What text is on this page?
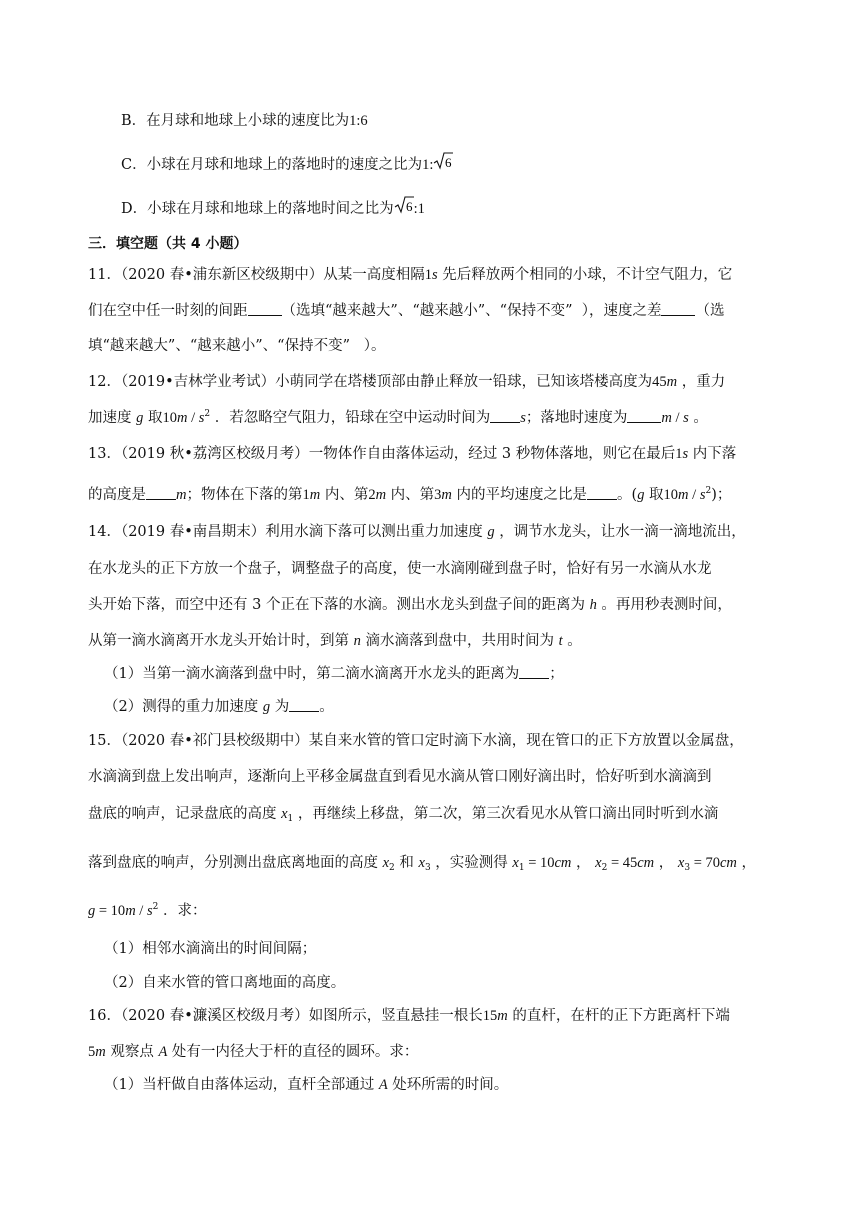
B．在月球和地球上小球的速度比为1:6
C．小球在月球和地球上的落地时的速度之比为1: 6
D．小球在月球和地球上的落地时间之比为 6 :1
三．填空题（共 4 小题）
11．（2020 春•浦东新区校级期中）从某一高度相隔1s 先后释放两个相同的小球，不计空气阻力，它
们在空中任一时刻的间距 （选填“越来越大”、“越来越小”、“保持不变”  ），速度之差 （选
填“越来越大”、“越来越小”、“保持不变”   ）。
12．（2019•吉林学业考试）小萌同学在塔楼顶部由静止释放一铅球，已知该塔楼高度为45m ，重力
加速度 g 取$10m / s^2$ ．若忽略空气阻力，铅球在空中运动时间为 s；落地时速度为 m / s 。
13．（2019 秋•荔湾区校级月考）一物体作自由落体运动，经过 3 秒物体落地，则它在最后1s 内下落
的高度是 m；物体在下落的第1m 内、第2m 内、第3m 内的平均速度之比是 。(g 取$10m / s^2$)；
14．（2019 春•南昌期末）利用水滴下落可以测出重力加速度 g ，调节水龙头，让水一滴一滴地流出，
在水龙头的正下方放一个盘子，调整盘子的高度，使一水滴刚碰到盘子时，恰好有另一水滴从水龙
头开始下落，而空中还有 3 个正在下落的水滴。测出水龙头到盘子间的距离为 h 。再用秒表测时间，
从第一滴水滴离开水龙头开始计时，到第 n 滴水滴落到盘中，共用时间为 t 。
（1）当第一滴水滴落到盘中时，第二滴水滴离开水龙头的距离为 ；
（2）测得的重力加速度 g 为 。
15．（2020 春•祁门县校级期中）某自来水管的管口定时滴下水滴，现在管口的正下方放置以金属盘，
水滴滴到盘上发出响声，逐渐向上平移金属盘直到看见水滴从管口刚好滴出时，恰好听到水滴滴到
盘底的响声，记录盘底的高度 $x_1$ ，再继续上移盘，第二次，第三次看见水从管口滴出同时听到水滴
落到盘底的响声，分别测出盘底离地面的高度 $x_2$ 和 $x_3$ ，实验测得 $x_1 = 10cm$ ， $x_2 = 45cm$ ， $x_3 = 70cm$ ，
$g = 10m / s^2$ ．求：
（1）相邻水滴滴出的时间间隔；
（2）自来水管的管口离地面的高度。
16．（2020 春•濂溪区校级月考）如图所示，竖直悬挂一根长15m 的直杆，在杆的正下方距离杆下端
5m 观察点 A 处有一内径大于杆的直径的圆环。求：
（1）当杆做自由落体运动，直杆全部通过 A 处环所需的时间。
